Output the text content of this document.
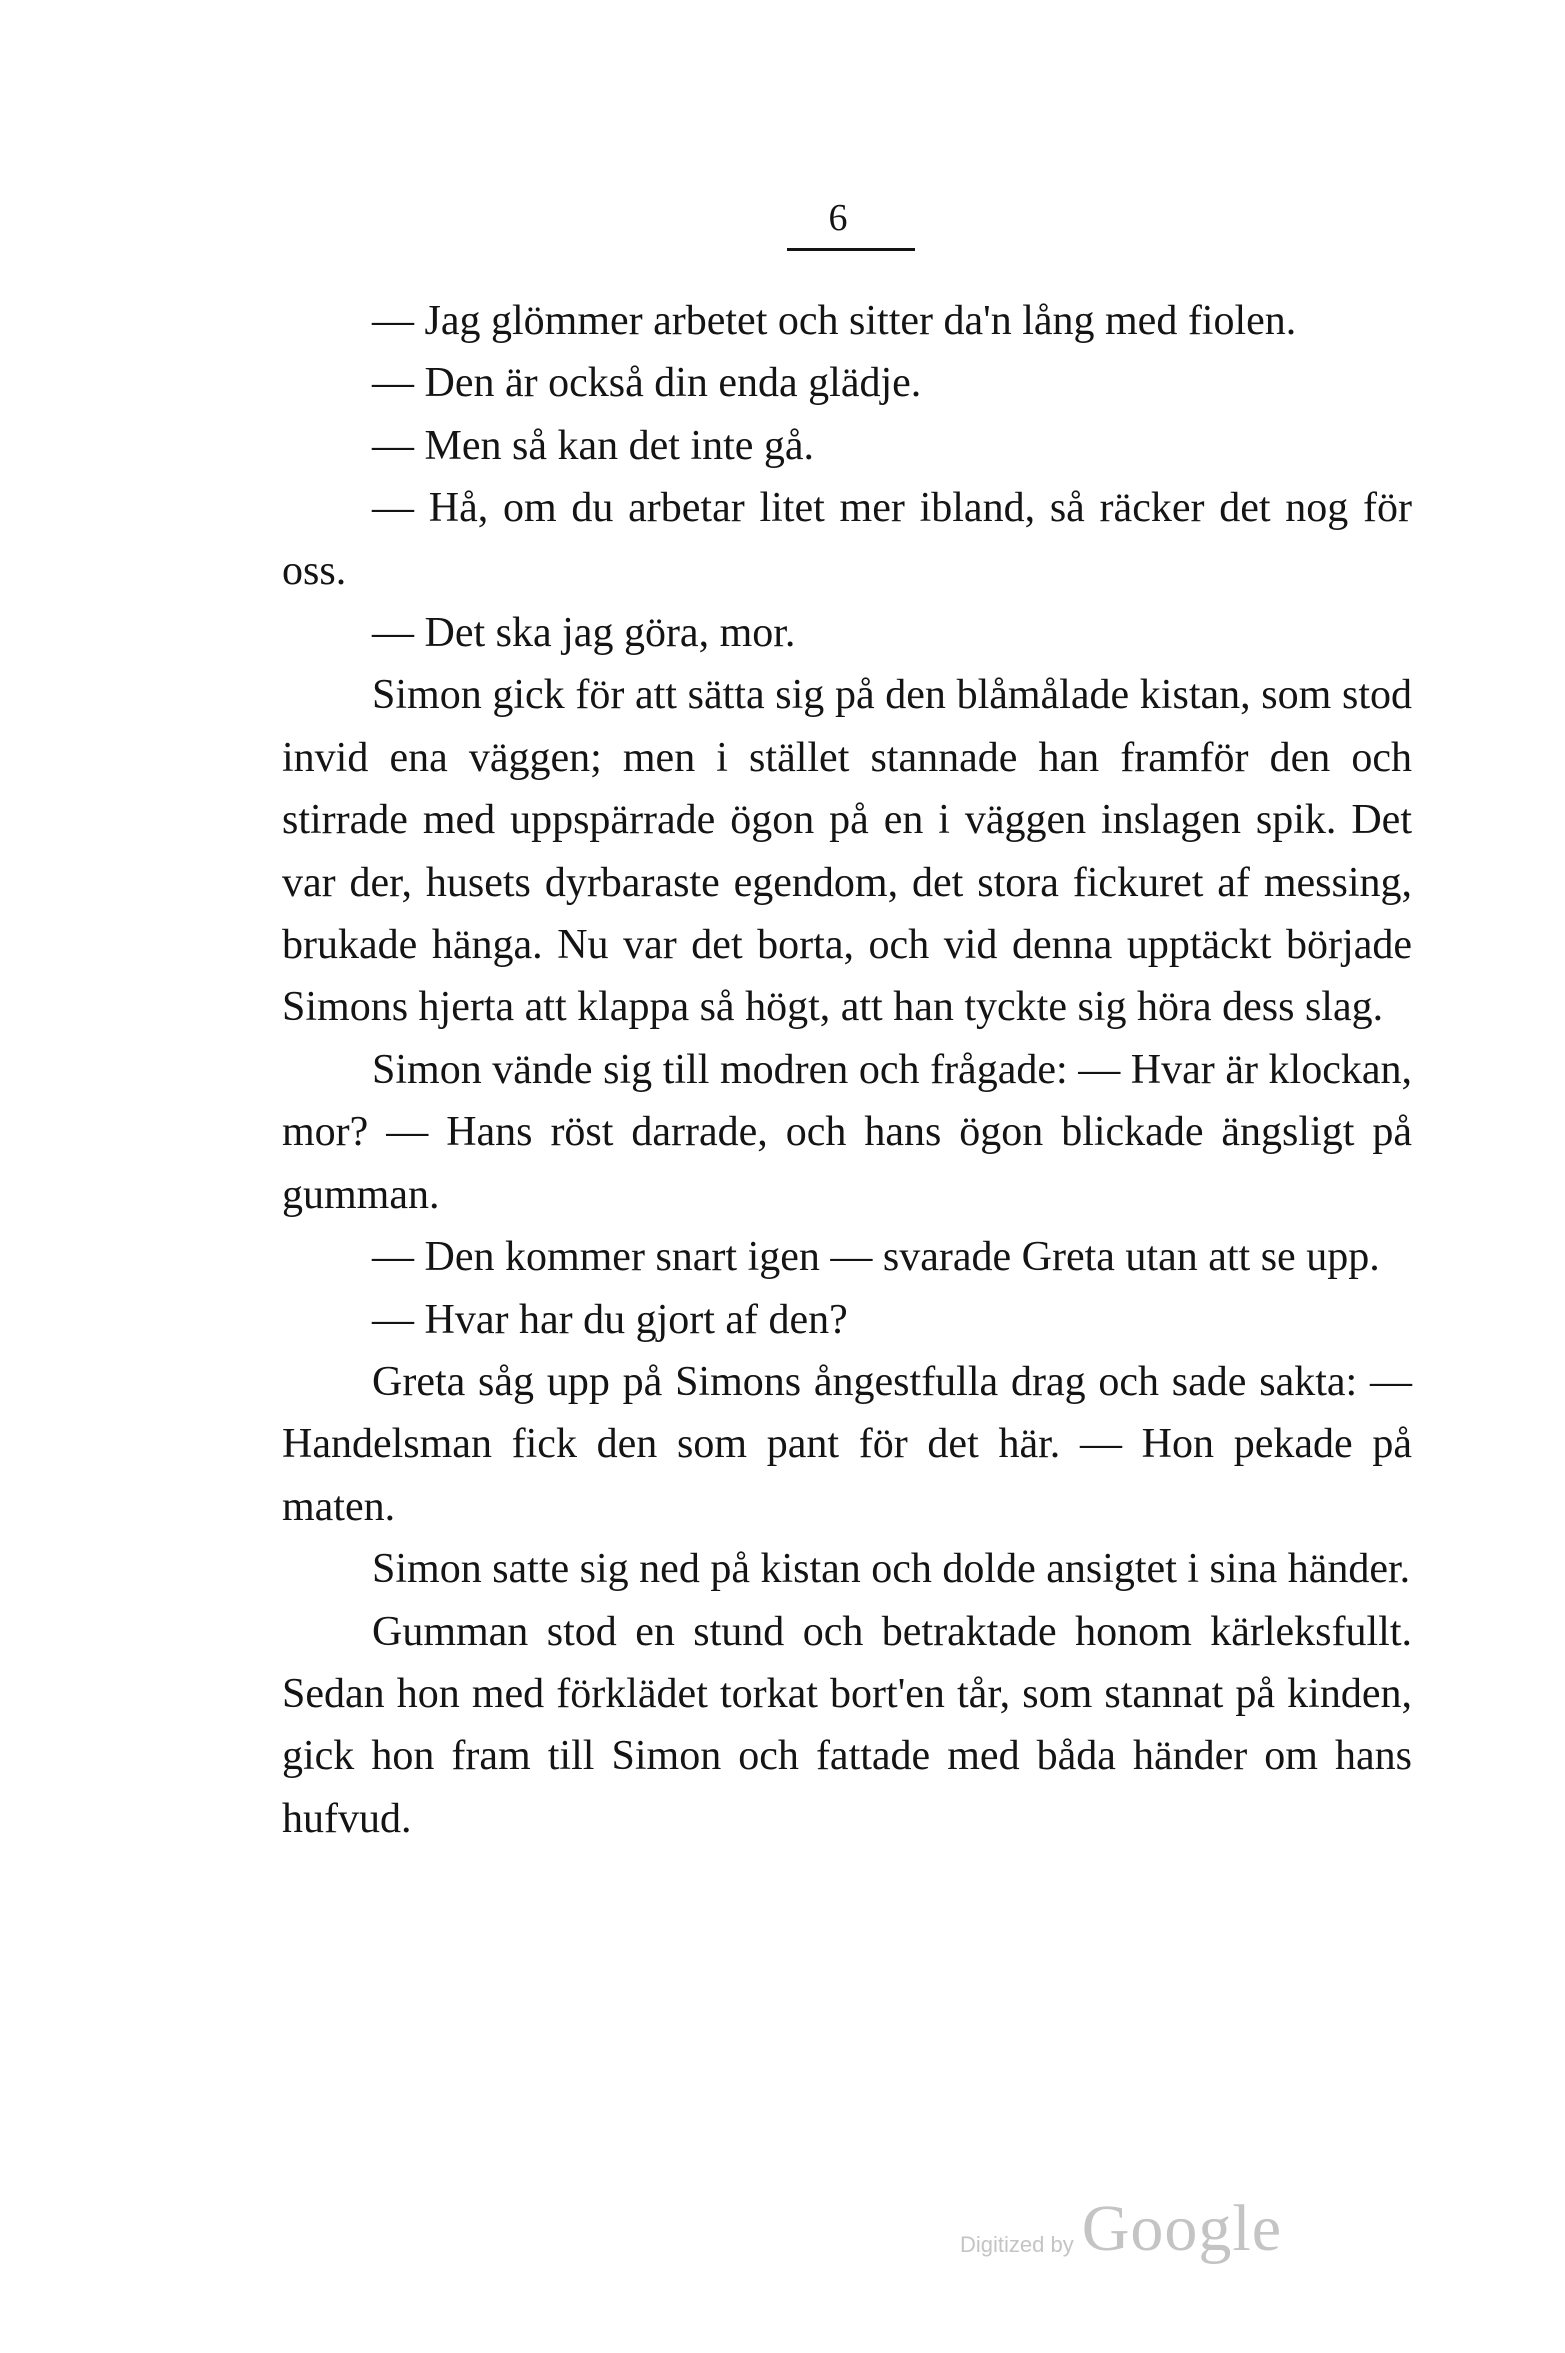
6

— Jag glömmer arbetet och sitter da'n lång med fiolen.

— Den är också din enda glädje.

— Men så kan det inte gå.

— Hå, om du arbetar litet mer ibland, så räcker det nog för oss.

— Det ska jag göra, mor.

Simon gick för att sätta sig på den blåmålade kistan, som stod invid ena väggen; men i stället stannade han framför den och stirrade med uppspärrade ögon på en i väggen inslagen spik. Det var der, husets dyrbaraste egendom, det stora fickuret af messing, brukade hänga. Nu var det borta, och vid denna upptäckt började Simons hjerta att klappa så högt, att han tyckte sig höra dess slag.

Simon vände sig till modren och frågade: — Hvar är klockan, mor? — Hans röst darrade, och hans ögon blickade ängsligt på gumman.

— Den kommer snart igen — svarade Greta utan att se upp.

— Hvar har du gjort af den?

Greta såg upp på Simons ångestfulla drag och sade sakta: — Handelsman fick den som pant för det här. — Hon pekade på maten.

Simon satte sig ned på kistan och dolde ansigtet i sina händer.

Gumman stod en stund och betraktade honom kärleksfullt. Sedan hon med förklädet torkat bort'en tår, som stannat på kinden, gick hon fram till Simon och fattade med båda händer om hans hufvud.

Digitized by Google
